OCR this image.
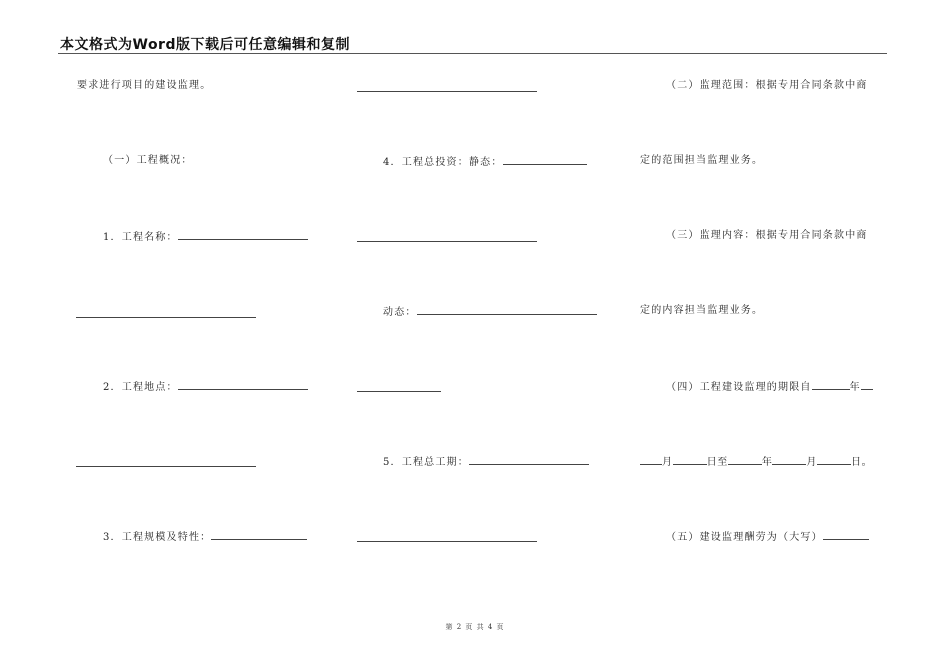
本文格式为Word版下载后可任意编辑和复制
要求进行项目的建设监理。
（一）工程概况：
1．工程名称：
2．工程地点：
3．工程规模及特性：
4．工程总投资：静态：
动态：
5．工程总工期：
（二）监理范围：根据专用合同条款中商
定的范围担当监理业务。
（三）监理内容：根据专用合同条款中商
定的内容担当监理业务。
（四）工程建设监理的期限自	年
月	日至	年	月	日。
（五）建设监理酬劳为（大写）
第 2 页 共 4 页
